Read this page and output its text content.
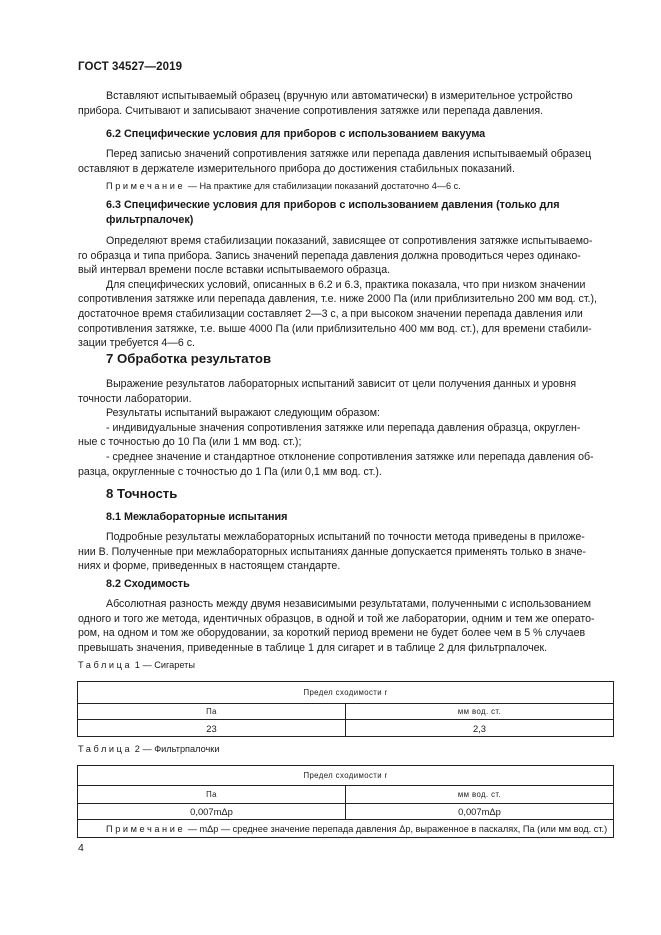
ГОСТ 34527—2019
Вставляют испытываемый образец (вручную или автоматически) в измерительное устройство
прибора. Считывают и записывают значение сопротивления затяжке или перепада давления.
6.2 Специфические условия для приборов с использованием вакуума
Перед записью значений сопротивления затяжке или перепада давления испытываемый образец
оставляют в держателе измерительного прибора до достижения стабильных показаний.
Примечание — На практике для стабилизации показаний достаточно 4—6 с.
6.3 Специфические условия для приборов с использованием давления (только для
фильтрпалочек)
Определяют время стабилизации показаний, зависящее от сопротивления затяжке испытываемо-
го образца и типа прибора. Запись значений перепада давления должна проводиться через одинако-
вый интервал времени после вставки испытываемого образца.
Для специфических условий, описанных в 6.2 и 6.3, практика показала, что при низком значении
сопротивления затяжке или перепада давления, т.е. ниже 2000 Па (или приблизительно 200 мм вод. ст.),
достаточное время стабилизации составляет 2—3 с, а при высоком значении перепада давления или
сопротивления затяжке, т.е. выше 4000 Па (или приблизительно 400 мм вод. ст.), для времени стабили-
зации требуется 4—6 с.
7 Обработка результатов
Выражение результатов лабораторных испытаний зависит от цели получения данных и уровня
точности лаборатории.
Результаты испытаний выражают следующим образом:
- индивидуальные значения сопротивления затяжке или перепада давления образца, округлен-
ные с точностью до 10 Па (или 1 мм вод. ст.);
- среднее значение и стандартное отклонение сопротивления затяжке или перепада давления об-
разца, округленные с точностью до 1 Па (или 0,1 мм вод. ст.).
8 Точность
8.1 Межлабораторные испытания
Подробные результаты межлабораторных испытаний по точности метода приведены в приложе-
нии В. Полученные при межлабораторных испытаниях данные допускается применять только в значе-
ниях и форме, приведенных в настоящем стандарте.
8.2 Сходимость
Абсолютная разность между двумя независимыми результатами, полученными с использованием
одного и того же метода, идентичных образцов, в одной и той же лаборатории, одним и тем же операто-
ром, на одном и том же оборудовании, за короткий период времени не будет более чем в 5 % случаев
превышать значения, приведенные в таблице 1 для сигарет и в таблице 2 для фильтрпалочек.
Таблица 1 — Сигареты
Предел сходимости r	
Па	мм вод. ст.
23	2,3
Таблица 2 — Фильтрпалочки
Предел сходимости r	
Па	мм вод. ст.
0,007mΔp	0,007mΔp
Примечание — mΔp — среднее значение перепада давления Δp, выраженное в паскалях, Па (или мм вод. ст.)	
4
